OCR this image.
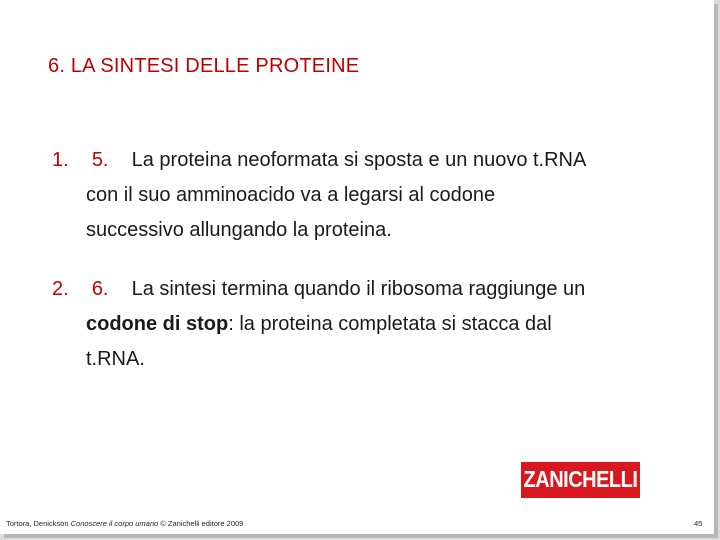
6. LA SINTESI DELLE PROTEINE
1. 5. La proteina neoformata si sposta e un nuovo t.RNA
con il suo amminoacido va a legarsi al codone
successivo allungando la proteina.
2. 6. La sintesi termina quando il ribosoma raggiunge un
codone di stop: la proteina completata si stacca dal
t.RNA.
ZANICHELLI
Tortora, Denickson Conoscere il corpo umano © Zanichelli editore 2009	45
